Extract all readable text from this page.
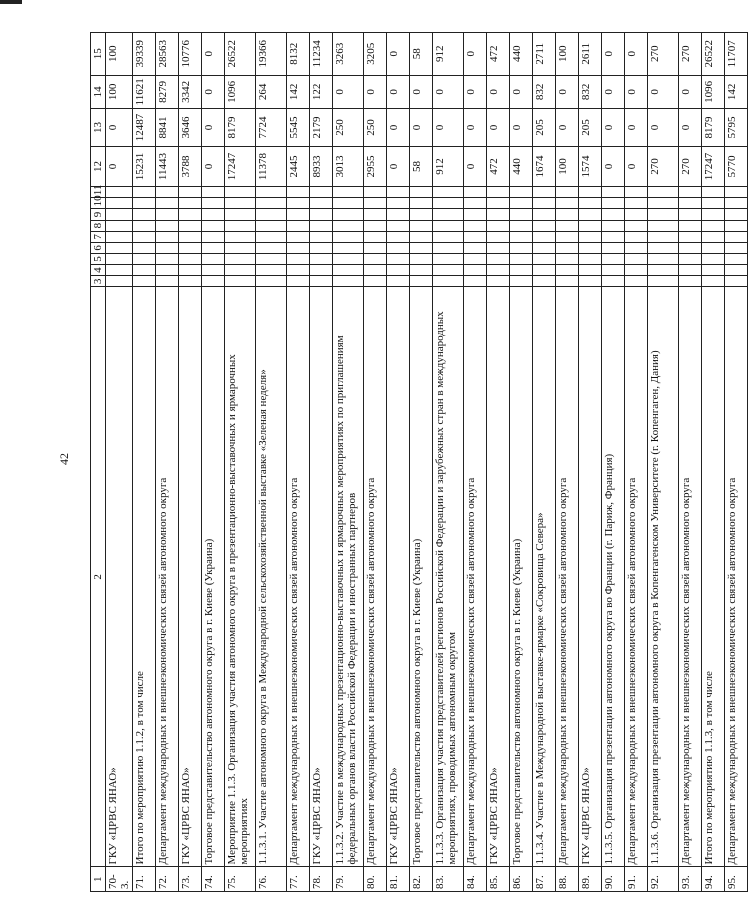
42
1	2	3	4	5	6	7	8	9	10	11	12	13	14	15
70-3.	ГКУ «ЦРВС ЯНАО»										0	0	100	100
71.	Итого по мероприятию 1.1.2, в том числе										15231	12487	11621	39339
72.	Департамент международных и внешнеэкономических связей автономного округа										11443	8841	8279	28563
73.	ГКУ «ЦРВС ЯНАО»										3788	3646	3342	10776
74.	Торговое представительство автономного округа в г. Киеве (Украина)										0	0	0	0
75.	Мероприятие 1.1.3. Организация участия автономного округа в презентационно-выставочных и ярмарочных мероприятиях										17247	8179	1096	26522
76.	1.1.3.1. Участие автономного округа в Международной сельскохозяйственной выставке «Зеленая неделя»										11378	7724	264	19366
77.	Департамент международных и внешнеэкономических связей автономного округа										2445	5545	142	8132
78.	ГКУ «ЦРВС ЯНАО»										8933	2179	122	11234
79.	1.1.3.2. Участие в международных презентационно-выставочных и ярмарочных мероприятиях по приглашениям федеральных органов власти Российской Федерации и иностранных партнеров										3013	250	0	3263
80.	Департамент международных и внешнеэкономических связей автономного округа										2955	250	0	3205
81.	ГКУ «ЦРВС ЯНАО»										0	0	0	0
82.	Торговое представительство автономного округа в г. Киеве (Украина)										58	0	0	58
83.	1.1.3.3. Организация участия представителей регионов Российской Федерации и зарубежных стран в международных мероприятиях, проводимых автономным округом										912	0	0	912
84.	Департамент международных и внешнеэкономических связей автономного округа										0	0	0	0
85.	ГКУ «ЦРВС ЯНАО»										472	0	0	472
86.	Торговое представительство автономного округа в г. Киеве (Украина)										440	0	0	440
87.	1.1.3.4. Участие в Международной выставке-ярмарке «Сокровища Севера»										1674	205	832	2711
88.	Департамент международных и внешнеэкономических связей автономного округа										100	0	0	100
89.	ГКУ «ЦРВС ЯНАО»										1574	205	832	2611
90.	1.1.3.5. Организация презентации автономного округа во Франции (г. Париж, Франция)										0	0	0	0
91.	Департамент международных и внешнеэкономических связей автономного округа										0	0	0	0
92.	1.1.3.6. Организация презентации автономного округа в Копенгагенском Университете (г. Копенгаген, Дания)										270	0	0	270
93.	Департамент международных и внешнеэкономических связей автономного округа										270	0	0	270
94.	Итого по мероприятию 1.1.3, в том числе										17247	8179	1096	26522
95.	Департамент международных и внешнеэкономических связей автономного округа										5770	5795	142	11707
